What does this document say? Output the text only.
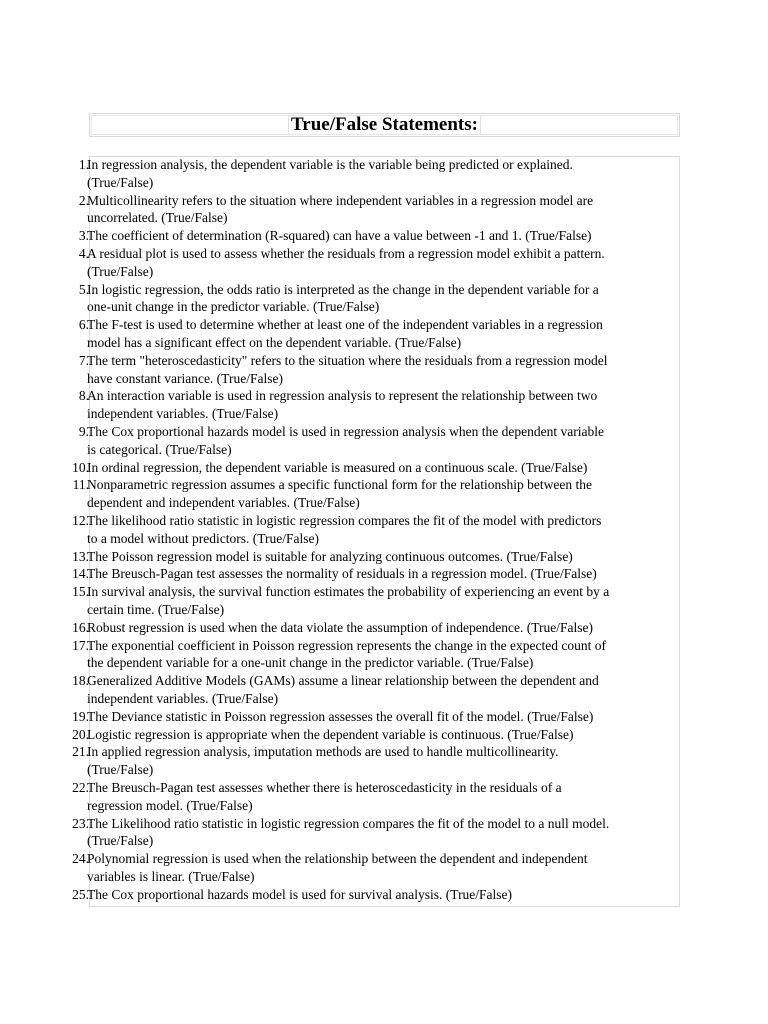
True/False Statements:
1.
In regression analysis, the dependent variable is the variable being predicted or explained.
(True/False)
2.
Multicollinearity refers to the situation where independent variables in a regression model are
uncorrelated. (True/False)
3.
The coefficient of determination (R-squared) can have a value between -1 and 1. (True/False)
4.
A residual plot is used to assess whether the residuals from a regression model exhibit a pattern.
(True/False)
5.
In logistic regression, the odds ratio is interpreted as the change in the dependent variable for a
one-unit change in the predictor variable. (True/False)
6.
The F-test is used to determine whether at least one of the independent variables in a regression
model has a significant effect on the dependent variable. (True/False)
7.
The term "heteroscedasticity" refers to the situation where the residuals from a regression model
have constant variance. (True/False)
8.
An interaction variable is used in regression analysis to represent the relationship between two
independent variables. (True/False)
9.
The Cox proportional hazards model is used in regression analysis when the dependent variable
is categorical. (True/False)
10.
In ordinal regression, the dependent variable is measured on a continuous scale. (True/False)
11.
Nonparametric regression assumes a specific functional form for the relationship between the
dependent and independent variables. (True/False)
12.
The likelihood ratio statistic in logistic regression compares the fit of the model with predictors
to a model without predictors. (True/False)
13.
The Poisson regression model is suitable for analyzing continuous outcomes. (True/False)
14.
The Breusch-Pagan test assesses the normality of residuals in a regression model. (True/False)
15.
In survival analysis, the survival function estimates the probability of experiencing an event by a
certain time. (True/False)
16.
Robust regression is used when the data violate the assumption of independence. (True/False)
17.
The exponential coefficient in Poisson regression represents the change in the expected count of
the dependent variable for a one-unit change in the predictor variable. (True/False)
18.
Generalized Additive Models (GAMs) assume a linear relationship between the dependent and
independent variables. (True/False)
19.
The Deviance statistic in Poisson regression assesses the overall fit of the model. (True/False)
20.
Logistic regression is appropriate when the dependent variable is continuous. (True/False)
21.
In applied regression analysis, imputation methods are used to handle multicollinearity.
(True/False)
22.
The Breusch-Pagan test assesses whether there is heteroscedasticity in the residuals of a
regression model. (True/False)
23.
The Likelihood ratio statistic in logistic regression compares the fit of the model to a null model.
(True/False)
24.
Polynomial regression is used when the relationship between the dependent and independent
variables is linear. (True/False)
25.
The Cox proportional hazards model is used for survival analysis. (True/False)
